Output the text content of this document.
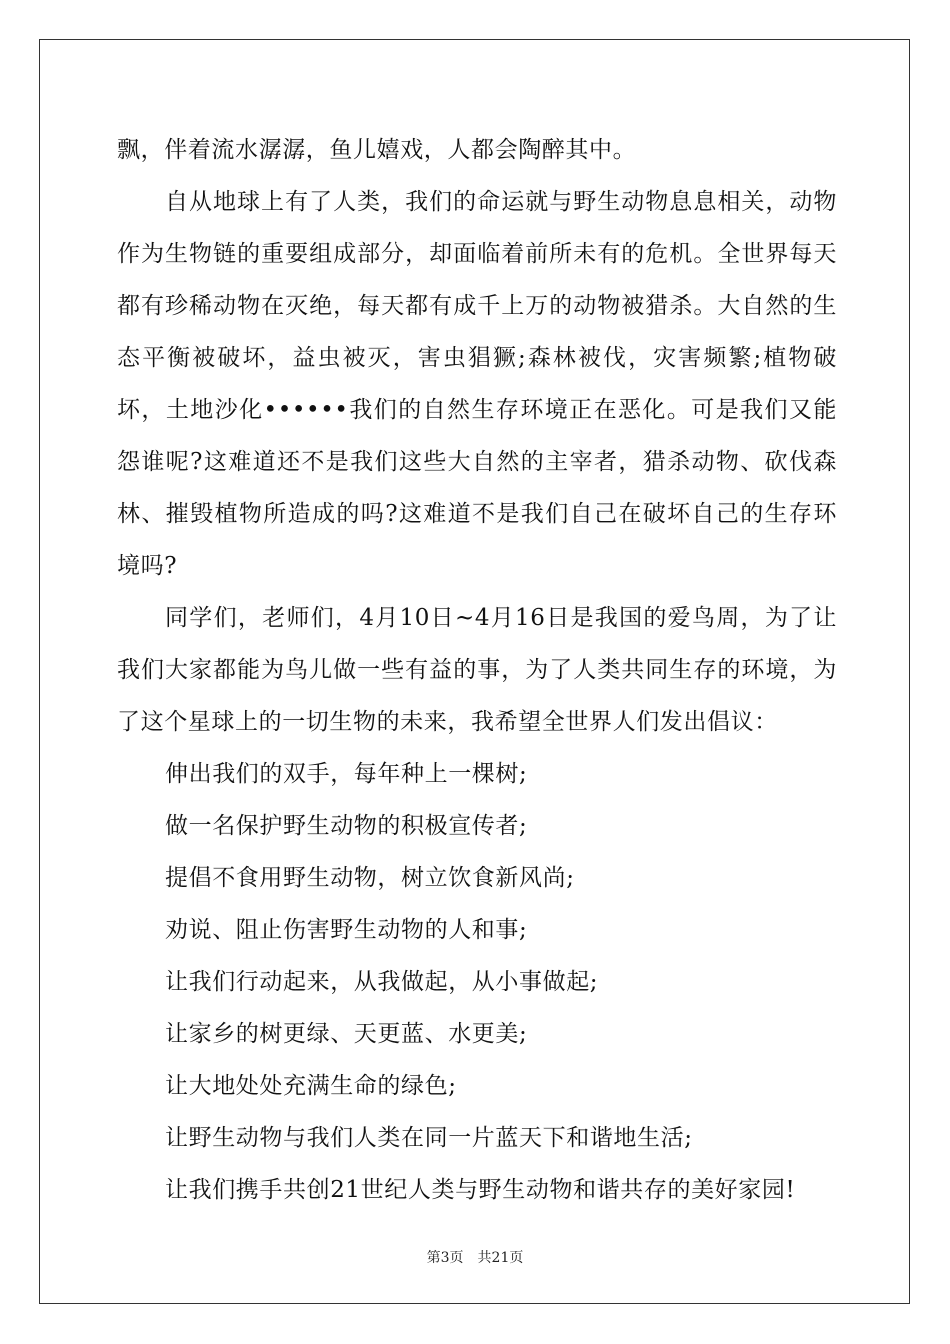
飘，伴着流水潺潺，鱼儿嬉戏，人都会陶醉其中。

自从地球上有了人类，我们的命运就与野生动物息息相关，动物作为生物链的重要组成部分，却面临着前所未有的危机。全世界每天都有珍稀动物在灭绝，每天都有成千上万的动物被猎杀。大自然的生态平衡被破坏，益虫被灭，害虫猖獗;森林被伐，灾害频繁;植物破坏，土地沙化••••••我们的自然生存环境正在恶化。可是我们又能怨谁呢?这难道还不是我们这些大自然的主宰者，猎杀动物、砍伐森林、摧毁植物所造成的吗?这难道不是我们自己在破坏自己的生存环境吗?

同学们，老师们，4月10日~4月16日是我国的爱鸟周，为了让我们大家都能为鸟儿做一些有益的事，为了人类共同生存的环境，为了这个星球上的一切生物的未来，我希望全世界人们发出倡议：

伸出我们的双手，每年种上一棵树;

做一名保护野生动物的积极宣传者;

提倡不食用野生动物，树立饮食新风尚;

劝说、阻止伤害野生动物的人和事;

让我们行动起来，从我做起，从小事做起;

让家乡的树更绿、天更蓝、水更美;

让大地处处充满生命的绿色;

让野生动物与我们人类在同一片蓝天下和谐地生活;

让我们携手共创21世纪人类与野生动物和谐共存的美好家园!

第3页 共21页
